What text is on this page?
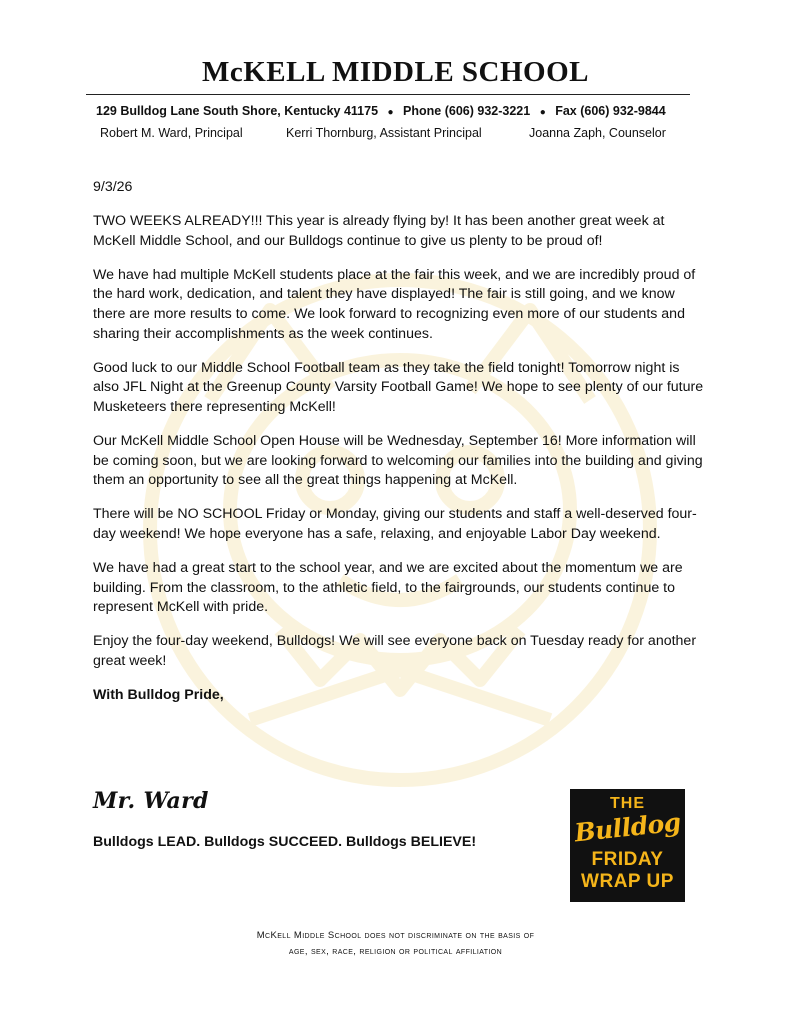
McKELL MIDDLE SCHOOL
129 Bulldog Lane South Shore, Kentucky 41175 ● Phone (606) 932-3221 ● Fax (606) 932-9844
Robert M. Ward, Principal	Kerri Thornburg, Assistant Principal	Joanna Zaph, Counselor

9/3/26

TWO WEEKS ALREADY!!! This year is already flying by! It has been another great week at McKell Middle School, and our Bulldogs continue to give us plenty to be proud of!

We have had multiple McKell students place at the fair this week, and we are incredibly proud of the hard work, dedication, and talent they have displayed! The fair is still going, and we know there are more results to come. We look forward to recognizing even more of our students and sharing their accomplishments as the week continues.

Good luck to our Middle School Football team as they take the field tonight! Tomorrow night is also JFL Night at the Greenup County Varsity Football Game! We hope to see plenty of our future Musketeers there representing McKell!

Our McKell Middle School Open House will be Wednesday, September 16! More information will be coming soon, but we are looking forward to welcoming our families into the building and giving them an opportunity to see all the great things happening at McKell.

There will be NO SCHOOL Friday or Monday, giving our students and staff a well-deserved four-day weekend! We hope everyone has a safe, relaxing, and enjoyable Labor Day weekend.

We have had a great start to the school year, and we are excited about the momentum we are building. From the classroom, to the athletic field, to the fairgrounds, our students continue to represent McKell with pride.

Enjoy the four-day weekend, Bulldogs! We will see everyone back on Tuesday ready for another great week!

With Bulldog Pride,

Mr. Ward
Bulldogs LEAD. Bulldogs SUCCEED. Bulldogs BELIEVE!
THE
Bulldog
FRIDAY
WRAP UP
McKell Middle School does not discriminate on the basis of
age, sex, race, religion or political affiliation
